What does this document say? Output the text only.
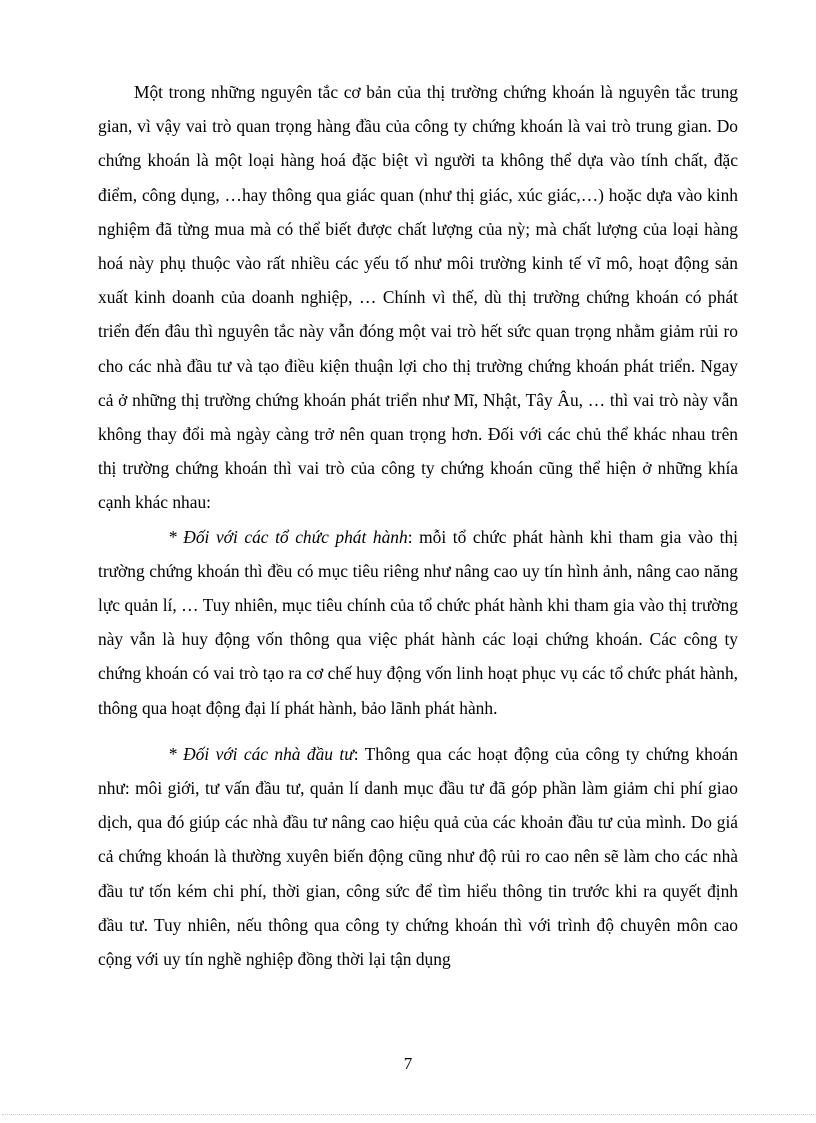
Một trong những nguyên tắc cơ bản của thị trường chứng khoán là nguyên tắc trung gian, vì vậy vai trò quan trọng hàng đầu của công ty chứng khoán là vai trò trung gian. Do chứng khoán là một loại hàng hoá đặc biệt vì người ta không thể dựa vào tính chất, đặc điểm, công dụng, …hay thông qua giác quan (như thị giác, xúc giác,…) hoặc dựa vào kinh nghiệm đã từng mua mà có thể biết được chất lượng của nỳ; mà chất lượng của loại hàng hoá này phụ thuộc vào rất nhiều các yếu tố như môi trường kinh tế vĩ mô, hoạt động sản xuất kinh doanh của doanh nghiệp, … Chính vì thế, dù thị trường chứng khoán có phát triển đến đâu thì nguyên tắc này vẫn đóng một vai trò hết sức quan trọng nhằm giảm rủi ro cho các nhà đầu tư và tạo điều kiện thuận lợi cho thị trường chứng khoán phát triển. Ngay cả ở những thị trường chứng khoán phát triển như Mĩ, Nhật, Tây Âu, … thì vai trò này vẫn không thay đổi mà ngày càng trở nên quan trọng hơn. Đối với các chủ thể khác nhau trên thị trường chứng khoán thì vai trò của công ty chứng khoán cũng thể hiện ở những khía cạnh khác nhau:

* Đối với các tổ chức phát hành: mỗi tổ chức phát hành khi tham gia vào thị trường chứng khoán thì đều có mục tiêu riêng như nâng cao uy tín hình ảnh, nâng cao năng lực quản lí, … Tuy nhiên, mục tiêu chính của tổ chức phát hành khi tham gia vào thị trường này vẫn là huy động vốn thông qua việc phát hành các loại chứng khoán. Các công ty chứng khoán có vai trò tạo ra cơ chế huy động vốn linh hoạt phục vụ các tổ chức phát hành, thông qua hoạt động đại lí phát hành, bảo lãnh phát hành.

* Đối với các nhà đầu tư: Thông qua các hoạt động của công ty chứng khoán như: môi giới, tư vấn đầu tư, quản lí danh mục đầu tư đã góp phần làm giảm chi phí giao dịch, qua đó giúp các nhà đầu tư nâng cao hiệu quả của các khoản đầu tư của mình. Do giá cả chứng khoán là thường xuyên biến động cũng như độ rủi ro cao nên sẽ làm cho các nhà đầu tư tốn kém chi phí, thời gian, công sức để tìm hiểu thông tin trước khi ra quyết định đầu tư. Tuy nhiên, nếu thông qua công ty chứng khoán thì với trình độ chuyên môn cao cộng với uy tín nghề nghiệp đồng thời lại tận dụng

7
